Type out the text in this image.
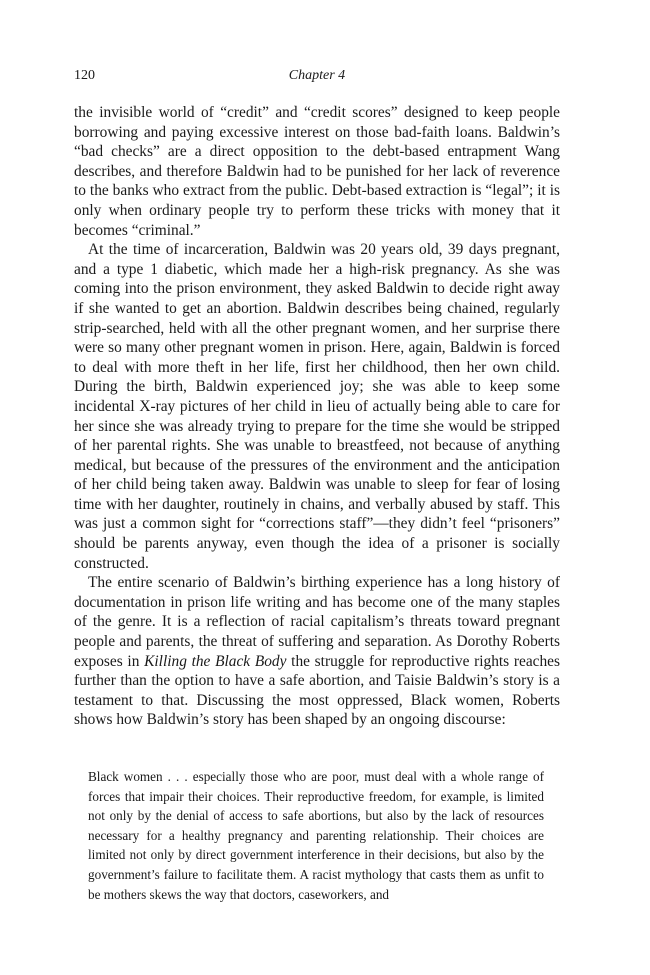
120	Chapter 4

the invisible world of “credit” and “credit scores” designed to keep people borrowing and paying excessive interest on those bad-faith loans. Baldwin’s “bad checks” are a direct opposition to the debt-based entrapment Wang describes, and therefore Baldwin had to be punished for her lack of reverence to the banks who extract from the public. Debt-based extraction is “legal”; it is only when ordinary people try to perform these tricks with money that it becomes “criminal.”

At the time of incarceration, Baldwin was 20 years old, 39 days pregnant, and a type 1 diabetic, which made her a high-risk pregnancy. As she was coming into the prison environment, they asked Baldwin to decide right away if she wanted to get an abortion. Baldwin describes being chained, regularly strip-searched, held with all the other pregnant women, and her surprise there were so many other pregnant women in prison. Here, again, Baldwin is forced to deal with more theft in her life, first her childhood, then her own child. During the birth, Baldwin experienced joy; she was able to keep some incidental X-ray pictures of her child in lieu of actually being able to care for her since she was already trying to prepare for the time she would be stripped of her parental rights. She was unable to breastfeed, not because of anything medical, but because of the pressures of the environment and the anticipation of her child being taken away. Baldwin was unable to sleep for fear of losing time with her daughter, routinely in chains, and verbally abused by staff. This was just a common sight for “corrections staff”—they didn’t feel “prisoners” should be parents anyway, even though the idea of a prisoner is socially constructed.

The entire scenario of Baldwin’s birthing experience has a long history of documentation in prison life writing and has become one of the many staples of the genre. It is a reflection of racial capitalism’s threats toward pregnant people and parents, the threat of suffering and separation. As Dorothy Roberts exposes in Killing the Black Body the struggle for reproductive rights reaches further than the option to have a safe abortion, and Taisie Baldwin’s story is a testament to that. Discussing the most oppressed, Black women, Roberts shows how Baldwin’s story has been shaped by an ongoing discourse:

Black women . . . especially those who are poor, must deal with a whole range of forces that impair their choices. Their reproductive freedom, for example, is limited not only by the denial of access to safe abortions, but also by the lack of resources necessary for a healthy pregnancy and parenting relationship. Their choices are limited not only by direct government interference in their decisions, but also by the government’s failure to facilitate them. A racist mythology that casts them as unfit to be mothers skews the way that doctors, caseworkers, and
